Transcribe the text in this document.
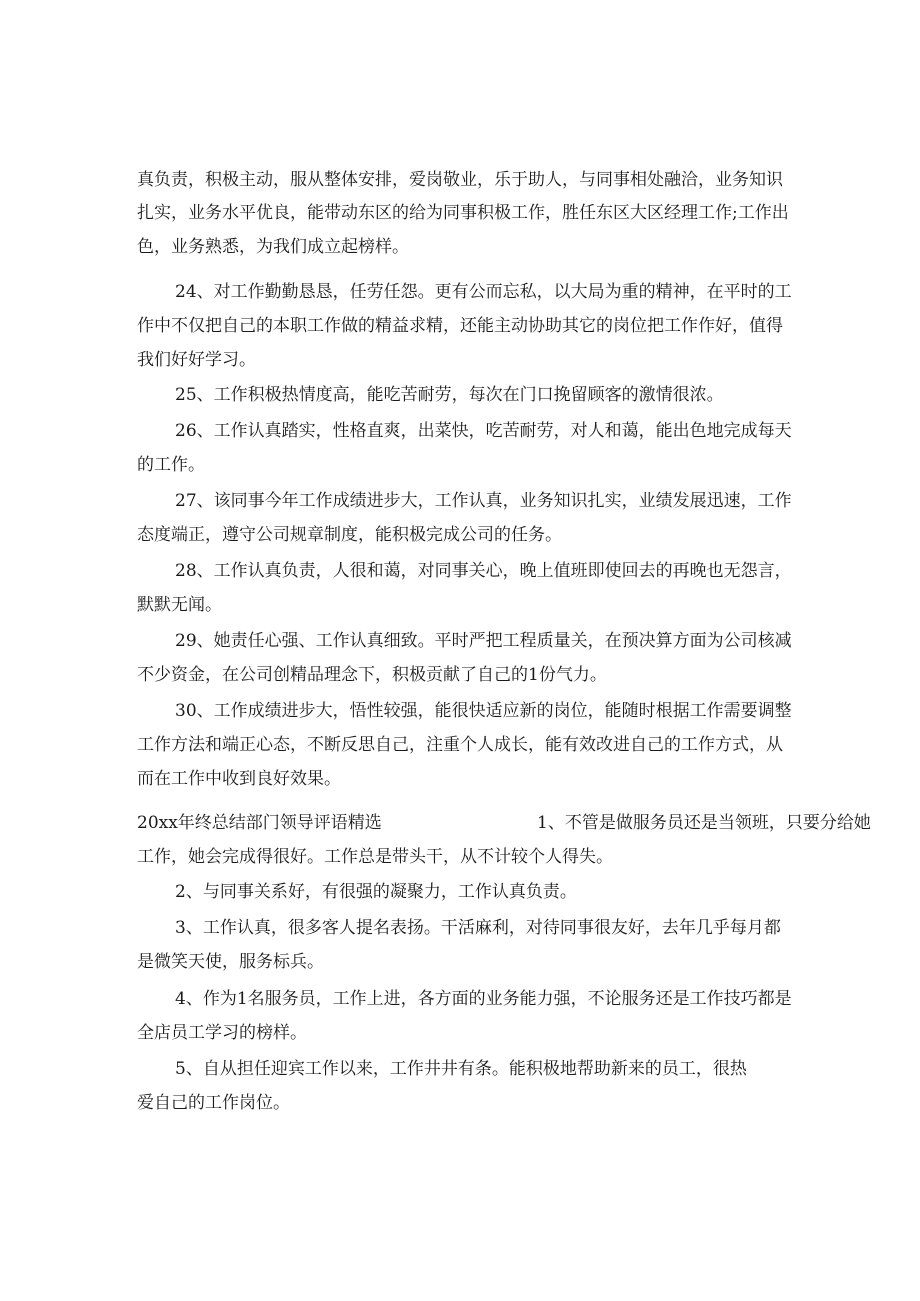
真负责，积极主动，服从整体安排，爱岗敬业，乐于助人，与同事相处融洽，业务知识
扎实，业务水平优良，能带动东区的给为同事积极工作，胜任东区大区经理工作;工作出
色，业务熟悉，为我们成立起榜样。
24、对工作勤勤恳恳，任劳任怨。更有公而忘私，以大局为重的精神，在平时的工
作中不仅把自己的本职工作做的精益求精，还能主动协助其它的岗位把工作作好，值得
我们好好学习。
25、工作积极热情度高，能吃苦耐劳，每次在门口挽留顾客的激情很浓。
26、工作认真踏实，性格直爽，出菜快，吃苦耐劳，对人和蔼，能出色地完成每天
的工作。
27、该同事今年工作成绩进步大，工作认真，业务知识扎实，业绩发展迅速，工作
态度端正，遵守公司规章制度，能积极完成公司的任务。
28、工作认真负责，人很和蔼，对同事关心，晚上值班即使回去的再晚也无怨言，
默默无闻。
29、她责任心强、工作认真细致。平时严把工程质量关，在预决算方面为公司核减
不少资金，在公司创精品理念下，积极贡献了自己的1份气力。
30、工作成绩进步大，悟性较强，能很快适应新的岗位，能随时根据工作需要调整
工作方法和端正心态，不断反思自己，注重个人成长，能有效改进自己的工作方式，从
而在工作中收到良好效果。
20xx年终总结部门领导评语精选	1、不管是做服务员还是当领班，只要分给她
工作，她会完成得很好。工作总是带头干，从不计较个人得失。
2、与同事关系好，有很强的凝聚力，工作认真负责。
3、工作认真，很多客人提名表扬。干活麻利，对待同事很友好，去年几乎每月都
是微笑天使，服务标兵。
4、作为1名服务员，工作上进，各方面的业务能力强，不论服务还是工作技巧都是
全店员工学习的榜样。
5、自从担任迎宾工作以来，工作井井有条。能积极地帮助新来的员工，很热
爱自己的工作岗位。
